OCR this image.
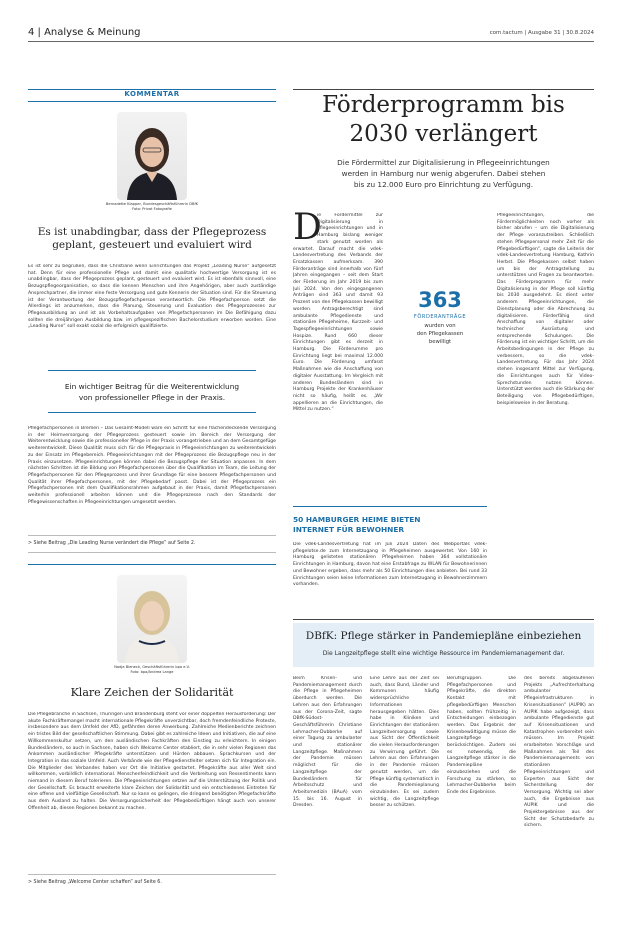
4 | Analyse & Meinung	com.tactum | Ausgabe 31 | 30.8.2024
KOMMENTAR
Bernadette Klapper, Bundesgeschäftsführerin DBfK
Foto: Privat Fotografie
Es ist unabdingbar, dass der Pflegeprozess
geplant, gesteuert und evaluiert wird

Es ist sehr zu begrüßen, dass die Christiane wenn Einrichtungen das Projekt „Leading Nurse“ aufgesetzt hat. Denn für eine professionelle Pflege und damit eine qualitativ hochwertige Versorgung ist es unabdingbar, dass der Pflegeprozess geplant, gesteuert und evaluiert wird. Es ist ebenfalls sinnvoll, eine Bezugspflegeorganisation, so dass die kennen Menschen und ihre Angehörigen, aber auch zuständige Ansprechpartner, die immer eine feste Versorgung und gute Kennerin der Situation sind. Für die Steuerung ist der Verantwortung der Bezugspflegefachperson verantwortlich. Die Pflegefachperson setzt die Allerdings ist anzumerken, dass die Planung, Steuerung und Evaluation des Pflegeprozesses zur Pflegeausbildung an und ist als Vorbehaltsaufgaben von Pflegefachpersonen im Die Befähigung dazu sollten die dreijährigen Ausbildung bzw. im pflegespezifischen Bachelorstudium erworben worden. Eine „Leading Nurse“ soll exakt sozial die erfolgreich qualifizierte.

Ein wichtiger Beitrag für die Weiterentwicklung
von professioneller Pflege in der Praxis.
Pflegefachpersonen in Bremen – Das Gesamt-Modell wäre ein Schritt für eine flächendeckende Versorgung in der Heimversorgung der Pflegeprozess gesteuert sowie im Bereich der Versorgung der Weiterentwicklung sowie die professioneller Pflege in der Praxis vorangetrieben und an dem Gesamtgefüge weiterentwickelt. Diese Qualität muss sich für die Pflegepraxis in Pflegeeinrichtungen zu weiterentwickeln zu der Einsatz im Pflegebereich. Pflegeeinrichtungen mit der Pflegeprozess die Bezugspflege neu in der Praxis einzusetzen. Pflegeeinrichtungen können dabei die Bezugspflege der Situation anpassen. In dem nächsten Schritten ist die Bildung von Pflegefachpersonen über die Qualifikation im Team, die Leitung der Pflegefachpersonen für den Pflegeprozess und ihrer Grundlage für eine bessere Pflegefachpersonen und Qualität ihrer Pflegefachpersonen, mit der Pflegebedarf passt. Dabei ist der Pflegeprozess ein Pflegefachpersonen mit dem Qualifikationsrahmen aufgebaut in der Praxis, damit Pflegefachpersonen weiterhin professionell arbeiten können und die Pflegeprozesse nach den Standards der Pflegewissenschaften in Pflegeeinrichtungen umgesetzt werden.
> Siehe Beitrag „Die Leading Nurse verändert die Pflege“ auf Seite 2.
Nadja Bieneck, Geschäftsführerin bpa e.V.
Foto: bpa/Andrea Lange
Klare Zeichen der Solidarität
Die Pflegebranche in Sachsen, Thüringen und Brandenburg steht vor einer doppelten Herausforderung: Der akute Fachkräftemangel macht internationale Pflegekräfte unverzichtbar, doch fremdenfeindliche Proteste, insbesondere aus dem Umfeld der AfD, gefährden deren Anwerbung. Zahlreiche Medienberichte zeichnen ein tristes Bild der gesellschaftlichen Stimmung. Dabei gibt es zahlreiche Ideen und Initiativen, die auf eine Willkommenskultur setzen, um den ausländischen Fachkräften den Einstieg zu erleichtern. In einigen Bundesländern, so auch in Sachsen, haben sich Welcome Center etabliert, die in sehr vielen Regionen das Ankommen ausländischer Pflegekräfte unterstützen und Hürden abbauen. Sprachkursen und der Integration in das soziale Umfeld. Auch Verbände wie der Pflegedienstleiter setzen sich für Integration ein. Die Mitglieder des Verbandes haben vor Ort die Initiative gestartet. Pflegekräfte aus aller Welt sind willkommen, vorbildlich international. Menschenfeindlichkeit und die Verbreitung von Ressentiments kann niemand in diesem Beruf tolerieren. Die Pflegeeinrichtungen setzen auf die Unterstützung der Politik und der Gesellschaft. Es braucht erweiterte klare Zeichen der Solidarität und ein entschiedenes Eintreten für eine offene und vielfältige Gesellschaft. Nur so kann es gelingen, die dringend benötigten Pflegefachkräfte aus dem Ausland zu halten. Die Versorgungssicherheit der Pflegebedürftigen hängt auch von unserer Offenheit ab, diesen Regionen bekannt zu machen.
> Siehe Beitrag „Welcome Center schaffen“ auf Seite 6.
Förderprogramm bis
2030 verlängert
Die Fördermittel zur Digitalisierung in Pflegeeinrichtungen
werden in Hamburg nur wenig abgerufen. Dabei stehen
bis zu 12.000 Euro pro Einrichtung zu Verfügung.
D
ie Fördermittel zur Digitalisierung in Pflegeeinrichtungen und in Hamburg bislang weniger stark genutzt worden als erwartet. Darauf macht die vdek-Landesvertretung des Verbands der Ersatzkassen aufmerksam. 390 Förderanträge sind innerhalb von fünf Jahren eingegangen – seit dem Start der Förderung im Jahr 2019 bis zum Juli 2024. Von den eingegangenen Anträgen sind 363 und damit 93 Prozent von den Pflegekassen bewilligt worden. Antragsberechtigt sind ambulante Pflegedienste und stationäre Pflegeheime, Kurzzeit- und Tagespflegeeinrichtungen sowie Hospize. Rund 660 dieser Einrichtungen gibt es derzeit in Hamburg. Die Förderumme pro Einrichtung liegt bei maximal 12.000 Euro. Die Förderung umfasst Maßnahmen wie die Anschaffung von digitaler Ausstattung. Im Vergleich mit anderen Bundesländern sind in Hamburg Projekte der Krankenhäuser nicht so häufig, heißt es. „Wir appellieren an die Einrichtungen, die Mittel zu nutzen.“
363
FÖRDERANTRÄGE
wurden von
den Pflegekassen
bewilligt
Pflegeeinrichtungen, die Fördermöglichkeiten noch vorher als bisher abrufen – um die Digitalisierung der Pflege voranzutreiben. Schließlich stehen Pflegepersonal mehr Zeit für die Pflegebedürftigen“, sagte die Leiterin der vdek-Landesvertretung Hamburg, Kathrin Herbst. Die Pflegekassen selbst haben um bis der Antragstellung zu unterstützen und Fragen zu beantworten. Das Förderprogramm für mehr Digitalisierung in der Pflege soll künftig bis 2030 ausgedehnt. Es dient unter anderem Pflegeeinrichtungen, die Dienstplanung oder die Abrechnung zu digitalisieren. Förderfähig sind Anschaffung von digitaler oder technischer Ausrüstung und entsprechende Schulungen. Die Förderung ist ein wichtiger Schritt, um die Arbeitsbedingungen in der Pflege zu verbessern, so die vdek-Landesvertretung. Für das Jahr 2024 stehen insgesamt Mittel zur Verfügung, die Einrichtungen auch für Video-Sprechstunden nutzen können. Unterstützt werden auch die Stärkung der Beteiligung von Pflegebedürftigen, beispielsweise in der Beratung.
50 HAMBURGER HEIME BIETEN
INTERNET FÜR BEWOHNER
Die vdek-Landesvertretung hat im Juli 2024 Daten des Webportals vdek-pflegelotse.de zum Internetzugang in Pflegeheimen ausgewertet. Von 160 in Hamburg gelisteten stationären Pflegeheimen haben 364 vollstationäre Einrichtungen in Hamburg, davon hat eine Erstabfrage zu WLAN für Bewohnerinnen und Bewohner ergeben, dass mehr als 50 Einrichtungen dies anbieten. Bei rund 33 Einrichtungen seien keine Informationen zum Internetzugang in Bewohnerzimmern vorhanden.
DBfK: Pflege stärker in Pandemiepläne einbeziehen
Die Langzeitpflege stellt eine wichtige Ressource im Pandemiemanagement dar.
Beim Krisen- und Pandemiemanagement durch die Pflege in Pflegeheimen überdurch werden. Die Lehren aus den Erfahrungen aus der Corona-Zeit, sagte DBfK-Südost-Geschäftsführerin Christiane Lehmacher-Dubberke auf einer Tagung zu ambulanter und stationärer Langzeitpflege. Maßnahmen der Pandemie müssen möglichst für die Langzeitpflege der Bundesländern für Arbeitsschutz und Arbeitsmedizin (BAuA) vom 15. bis 16. August in Dresden.
Eine Lehre aus der Zeit sei auch, dass Bund, Länder und Kommunen häufig widersprüchliche Informationen herausgegeben hätten. Dies habe in Kliniken und Einrichtungen der stationären Langzeitversorgung sowie aus Sicht der Öffentlichkeit die vielen Herausforderungen zu Verwirrung geführt. Die Lehren aus den Erfahrungen in der Pandemie müssen genutzt werden, um die Pflege künftig systematisch in die Pandemieplanung einzubinden. Es sei zudem wichtig, die Langzeitpflege besser zu schützen.
Berufsgruppen. Die Pflegefachpersonen und Pflegekräfte, die direkten Kontakt mit pflegebedürftigen Menschen haben, sollten frühzeitig in Entscheidungen einbezogen werden. Das Ergebnis der Krisenbewältigung müsse die Langzeitpflege berücksichtigen. Zudem sei es notwendig, die Langzeitpflege stärker in die Pandemiepläne einzubeziehen und die Forschung zu stärken, so Lehmacher-Dubberke beim Ende des Ergebnisse.
des bereits abgelaufenen Projekts „Aufrechterhaltung ambulanter Pflegeinfrastrukturen in Krisensituationen“ (AUPIK) an AUPIK habe aufgezeigt, dass ambulante Pflegedienste gut auf Krisensituationen und Katastrophen vorbereitet sein müssen. Im Projekt erarbeiteten Vorschläge und Maßnahmen als Teil des Pandemiemanagements von stationären Pflegeeinrichtungen und Experten aus Sicht der Sicherstellung der Versorgung. Wichtig sei aber auch, die Ergebnisse aus AUPIK und die Projektergebnisse aus der Sicht der Schutzbedarfe zu sichern.
